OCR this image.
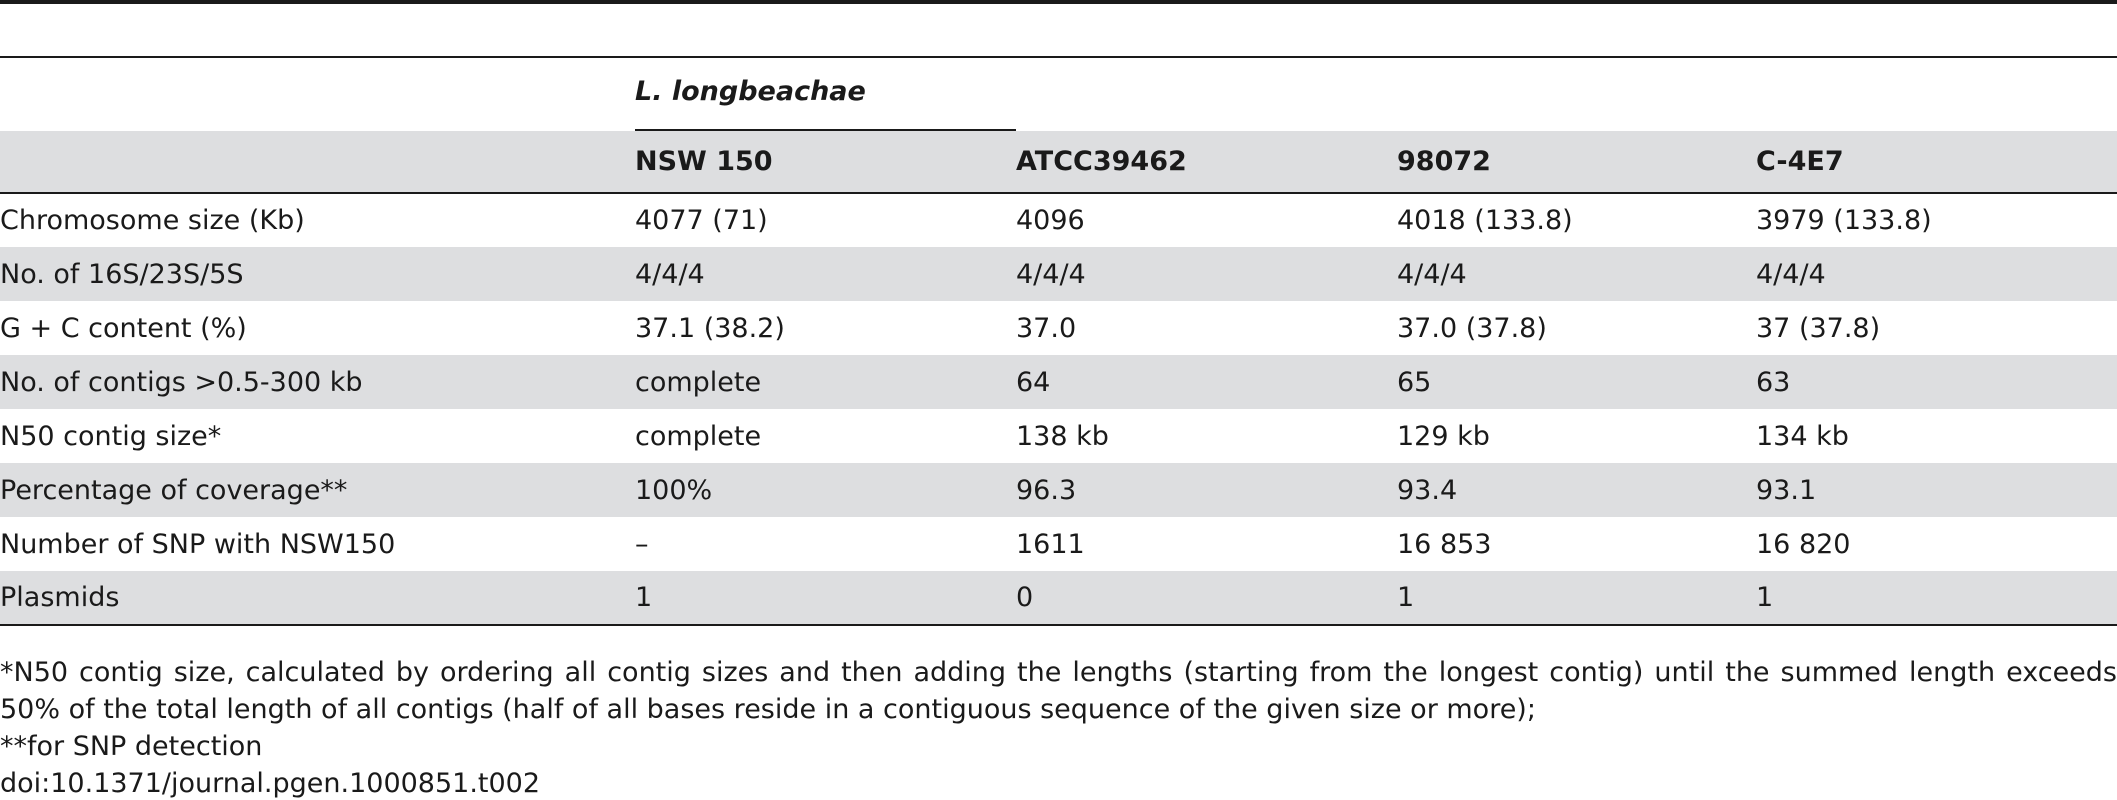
	L. longbeachae

	NSW 150	ATCC39462	98072	C-4E7
Chromosome size (Kb)	4077 (71)	4096	4018 (133.8)	3979 (133.8)
No. of 16S/23S/5S	4/4/4	4/4/4	4/4/4	4/4/4
G + C content (%)	37.1 (38.2)	37.0	37.0 (37.8)	37 (37.8)
No. of contigs >0.5-300 kb	complete	64	65	63
N50 contig size*	complete	138 kb	129 kb	134 kb
Percentage of coverage**	100%	96.3	93.4	93.1
Number of SNP with NSW150	–	1611	16 853	16 820
Plasmids	1	0	1	1

*N50 contig size, calculated by ordering all contig sizes and then adding the lengths (starting from the longest contig) until the summed length exceeds 50% of the total length of all contigs (half of all bases reside in a contiguous sequence of the given size or more);

**for SNP detection

doi:10.1371/journal.pgen.1000851.t002
